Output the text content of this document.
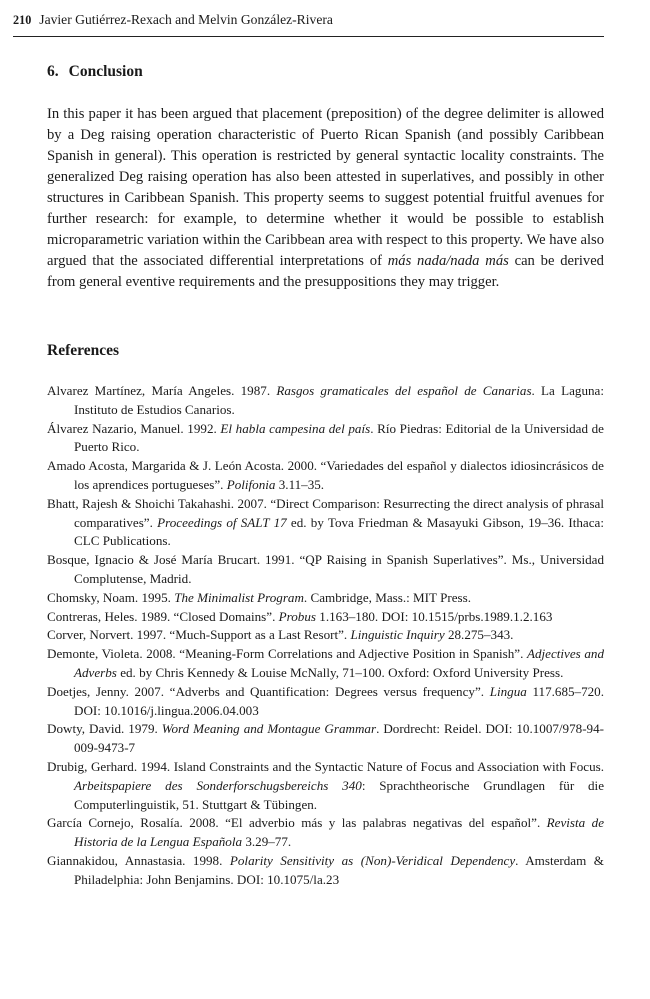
210 Javier Gutiérrez-Rexach and Melvin González-Rivera
6. Conclusion

In this paper it has been argued that placement (preposition) of the degree delimiter is allowed by a Deg raising operation characteristic of Puerto Rican Spanish (and possibly Caribbean Spanish in general). This operation is restricted by general syntactic locality constraints. The generalized Deg raising operation has also been attested in superlatives, and possibly in other structures in Caribbean Spanish. This property seems to suggest potential fruitful avenues for further research: for example, to determine whether it would be possible to establish microparametric variation within the Caribbean area with respect to this property. We have also argued that the associated differential interpretations of más nada/nada más can be derived from general eventive requirements and the presuppositions they may trigger.

References
Alvarez Martínez, María Angeles. 1987. Rasgos gramaticales del español de Canarias. La Laguna: Instituto de Estudios Canarios.
Álvarez Nazario, Manuel. 1992. El habla campesina del país. Río Piedras: Editorial de la Universidad de Puerto Rico.
Amado Acosta, Margarida & J. León Acosta. 2000. “Variedades del español y dialectos idiosincrásicos de los aprendices portugueses”. Polifonia 3.11–35.
Bhatt, Rajesh & Shoichi Takahashi. 2007. “Direct Comparison: Resurrecting the direct analysis of phrasal comparatives”. Proceedings of SALT 17 ed. by Tova Friedman & Masayuki Gibson, 19–36. Ithaca: CLC Publications.
Bosque, Ignacio & José María Brucart. 1991. “QP Raising in Spanish Superlatives”. Ms., Universidad Complutense, Madrid.
Chomsky, Noam. 1995. The Minimalist Program. Cambridge, Mass.: MIT Press.
Contreras, Heles. 1989. “Closed Domains”. Probus 1.163–180. DOI: 10.1515/prbs.1989.1.2.163
Corver, Norvert. 1997. “Much-Support as a Last Resort”. Linguistic Inquiry 28.275–343.
Demonte, Violeta. 2008. “Meaning-Form Correlations and Adjective Position in Spanish”. Adjectives and Adverbs ed. by Chris Kennedy & Louise McNally, 71–100. Oxford: Oxford University Press.
Doetjes, Jenny. 2007. “Adverbs and Quantification: Degrees versus frequency”. Lingua 117.685–720. DOI: 10.1016/j.lingua.2006.04.003
Dowty, David. 1979. Word Meaning and Montague Grammar. Dordrecht: Reidel. DOI: 10.1007/978-94-009-9473-7
Drubig, Gerhard. 1994. Island Constraints and the Syntactic Nature of Focus and Association with Focus. Arbeitspapiere des Sonderforschugsbereichs 340: Sprachtheorische Grundlagen für die Computerlinguistik, 51. Stuttgart & Tübingen.
García Cornejo, Rosalía. 2008. “El adverbio más y las palabras negativas del español”. Revista de Historia de la Lengua Española 3.29–77.
Giannakidou, Annastasia. 1998. Polarity Sensitivity as (Non)-Veridical Dependency. Amsterdam & Philadelphia: John Benjamins. DOI: 10.1075/la.23
